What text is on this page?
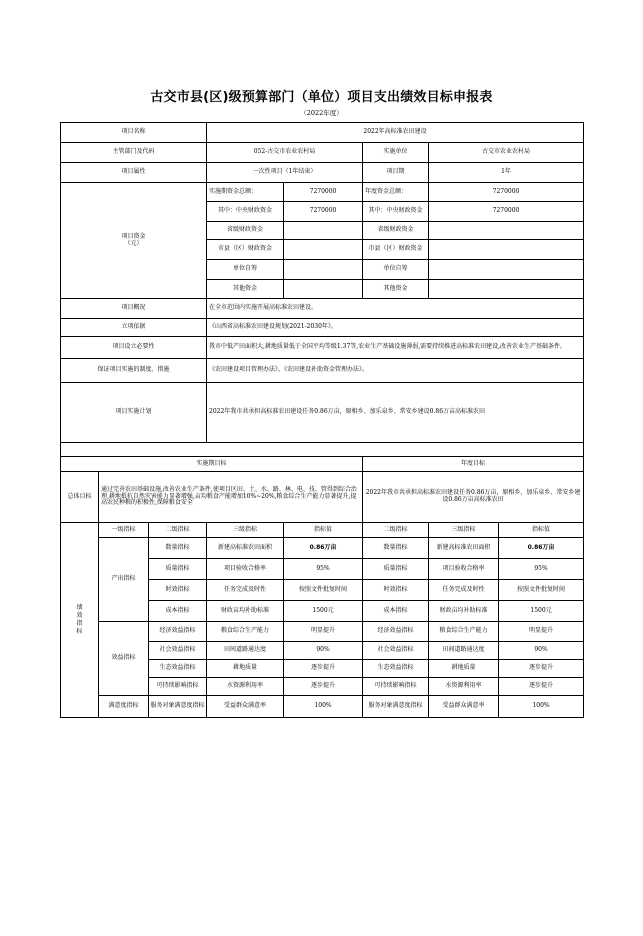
古交市县(区)级预算部门（单位）项目支出绩效目标申报表
（2022年度）
项目名称			2022年高标准农田建设				
主管部门及代码			052-古交市农业农村局		实施单位	古交市农业农村局	
项目属性			一次性项目（1年结束）		项目期	1年	
项目资金
（元）			实施期资金总额：	7270000	年度资金总额：	7270000	
			其中：中央财政资金	7270000	其中：中央财政资金	7270000	
			省级财政资金		省级财政资金		
			市县（区）财政资金		市县（区）财政资金		
			单位自筹		单位自筹		
			其他资金		其他资金		
项目概况			在全市范围内实施开展高标准农田建设。				
立项依据			《山西省高标准农田建设规划(2021-2030年》。				
项目设立必要性			我市中低产田面积大,耕地质量低于全国平均等级1.37等,农业生产基础设施薄弱,需要持续推进高标准农田建设,改善农业生产基础条件。				
保证项目实施的制度、措施			《农田建设项目管理办法》、《农田建设补助资金管理办法》。				
项目实施计划			2022年我市共承担高标准农田建设任务0.86万亩，原相乡、加乐泉乡、常安乡建设0.86万亩高标准农田				

实施期目标					年度目标		
总体目标	通过完善农田基础设施,改善农业生产条件,使项目区田、土、水、路、林、电、技、管得到综合治理,耕地抵抗自然灾害能力显著增强,亩均粮食产能增加10%~20%,粮食综合生产能力显著提升,提高农民种粮的积极性,保障粮食安全				2022年我市共承担高标准农田建设任务0.86万亩，原相乡、加乐泉乡、常安乡建设0.86万亩高标准农田		
绩
效
指
标	一级指标	二级指标	三级指标	指标值	二级指标	三级指标	指标值
	产出指标	数量指标	新建高标准农田面积	0.86万亩	数量指标	新建高标准农田面积	0.86万亩
		质量指标	项目验收合格率	95%	质量指标	项目验收合格率	95%
		时效指标	任务完成及时性	按照文件批复时间	时效指标	任务完成及时性	按照文件批复时间
		成本指标	财政亩均补助标准	1500元	成本指标	财政亩均补助标准	1500元
	效益指标	经济效益指标	粮食综合生产能力	明显提升	经济效益指标	粮食综合生产能力	明显提升
		社会效益指标	田间道路通达度	90%	社会效益指标	田间道路通达度	90%
		生态效益指标	耕地质量	逐步提升	生态效益指标	耕地质量	逐步提升
		可持续影响指标	水资源利用率	逐步提升	可持续影响指标	水资源利用率	逐步提升
	满意度指标	服务对象满意度指标	受益群众满意率	100%	服务对象满意度指标	受益群众满意率	100%
